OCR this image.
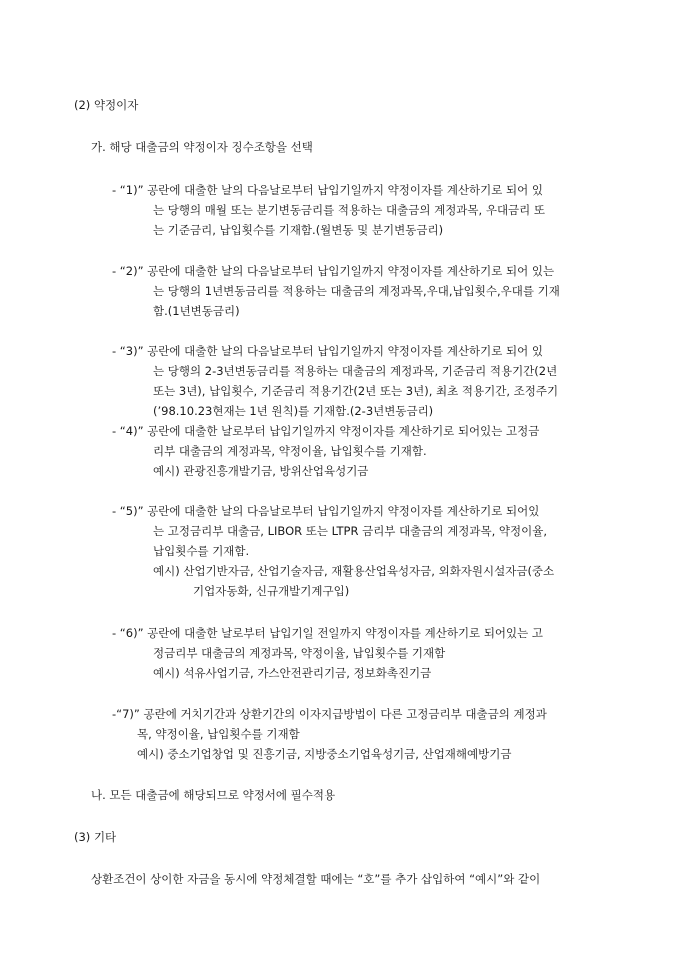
(2) 약정이자
가. 해당 대출금의 약정이자 징수조항을 선택
- “1)” 공란에 대출한 날의 다음날로부터 납입기일까지 약정이자를 계산하기로 되어 있
는 당행의 매월 또는 분기변동금리를 적용하는 대출금의 계정과목, 우대금리 또
는 기준금리, 납입횟수를 기재함.(월변동 및 분기변동금리)
- “2)” 공란에 대출한 날의 다음날로부터 납입기일까지 약정이자를 계산하기로 되어 있는
는 당행의 1년변동금리를 적용하는 대출금의 계정과목,우대,납입횟수,우대를 기재
함.(1년변동금리)
- “3)” 공란에 대출한 날의 다음날로부터 납입기일까지 약정이자를 계산하기로 되어 있
는 당행의 2-3년변동금리를 적용하는 대출금의 계정과목, 기준금리 적용기간(2년
또는 3년), 납입횟수, 기준금리 적용기간(2년 또는 3년), 최초 적용기간, 조정주기
(’98.10.23현재는 1년 원칙)를 기재함.(2-3년변동금리)
- “4)” 공란에 대출한 날로부터 납입기일까지 약정이자를 계산하기로 되어있는 고정금
리부 대출금의 계정과목, 약정이율, 납입횟수를 기재함.
예시) 관광진흥개발기금, 방위산업육성기금
- “5)” 공란에 대출한 날의 다음날로부터 납입기일까지 약정이자를 계산하기로 되어있
는 고정금리부 대출금, LIBOR 또는 LTPR 금리부 대출금의 계정과목, 약정이율,
납입횟수를 기재함.
예시) 산업기반자금, 산업기술자금, 재활용산업육성자금, 외화자원시설자금(중소
기업자동화, 신규개발기계구입)
- “6)” 공란에 대출한 날로부터 납입기일 전일까지 약정이자를 계산하기로 되어있는 고
정금리부 대출금의 계정과목, 약정이율, 납입횟수를 기재함
예시) 석유사업기금, 가스안전관리기금, 정보화촉진기금
-“7)” 공란에 거치기간과 상환기간의 이자지급방법이 다른 고정금리부 대출금의 계정과
목, 약정이율, 납입횟수를 기재함
예시) 중소기업창업 및 진흥기금, 지방중소기업육성기금, 산업재해예방기금
나. 모든 대출금에 해당되므로 약정서에 필수적용
(3) 기타
상환조건이 상이한 자금을 동시에 약정체결할 때에는 “호”를 추가 삽입하여 “예시”와 같이
